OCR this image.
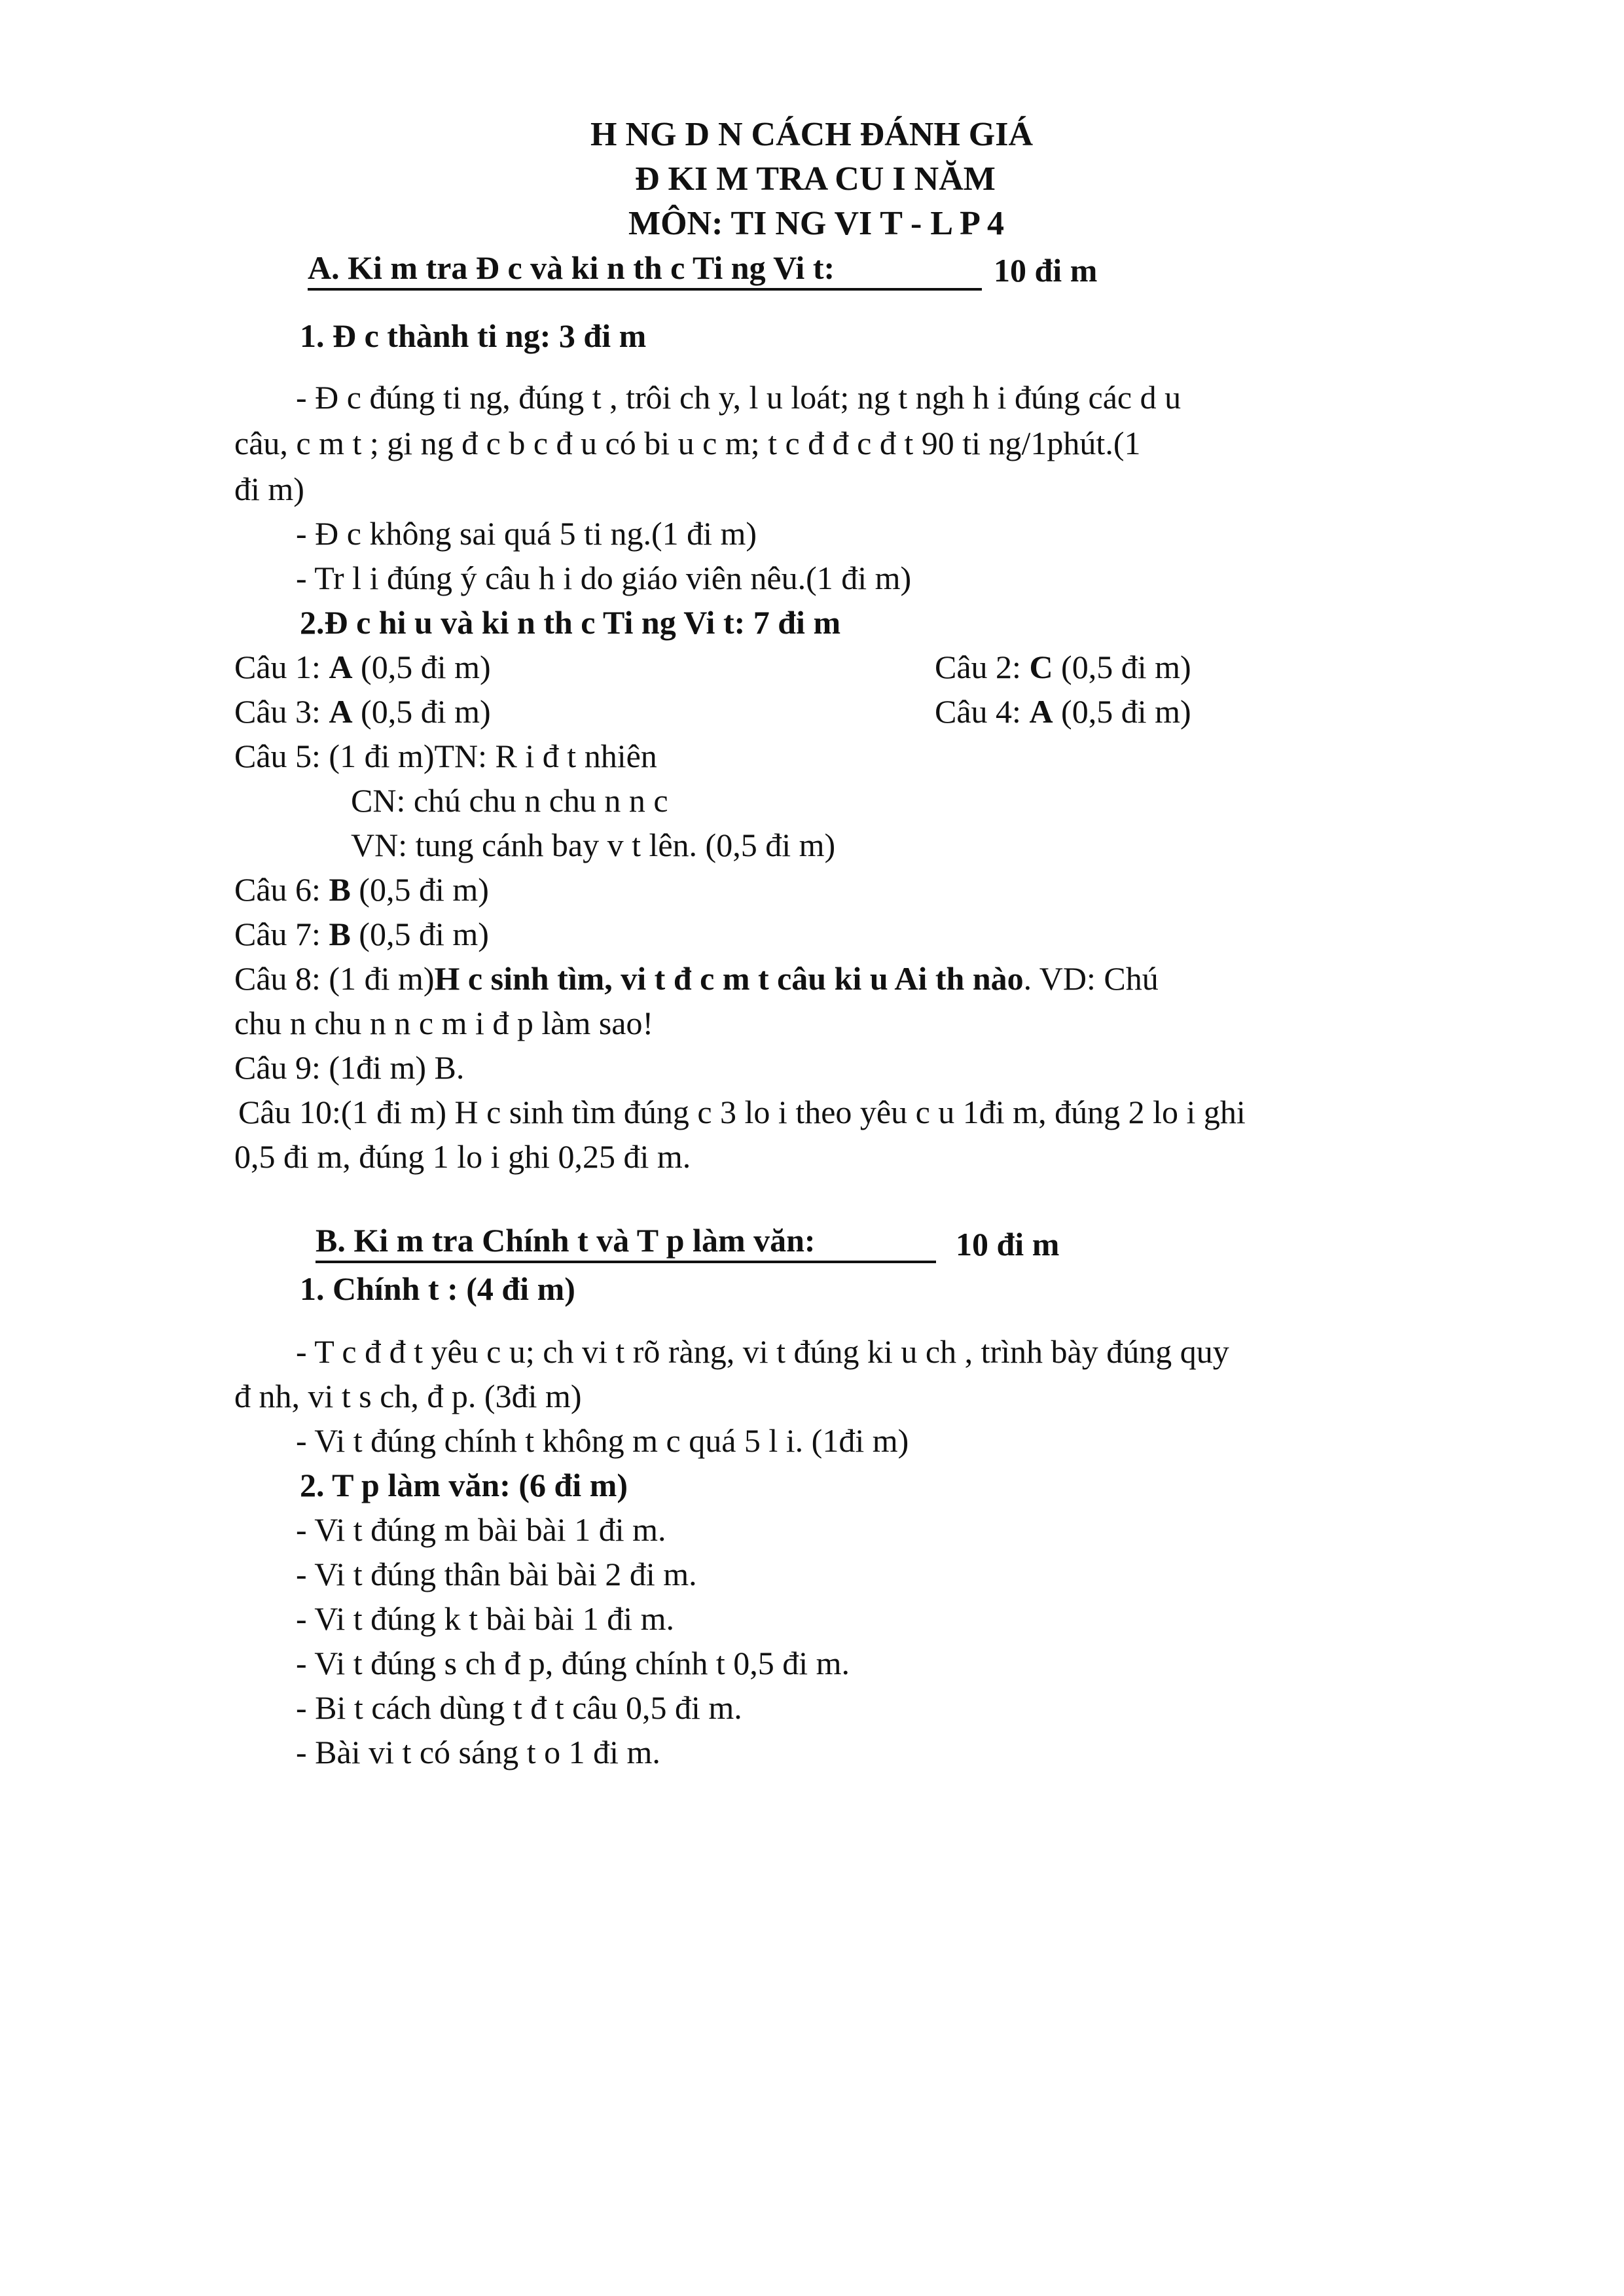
H NG D N CÁCH ĐÁNH GIÁ
Đ KI M TRA CU I NĂM
MÔN: TI NG VI T - L P 4
A. Ki m tra Đ c và ki n th c Ti ng Vi t:	10 đi m
1. Đ c thành ti ng: 3 đi m
- Đ c đúng ti ng, đúng t , trôi ch y, l u loát; ng t ngh h i đúng các d u
câu, c m t ; gi ng đ c b c đ u có bi u c m; t c đ đ c đ t 90 ti ng/1phút.(1
đi m)
- Đ c không sai quá 5 ti ng.(1 đi m)
- Tr l i đúng ý câu h i do giáo viên nêu.(1 đi m)
2.Đ c hi u và ki n th c Ti ng Vi t: 7 đi m
Câu 1: A (0,5 đi m)	Câu 2: C (0,5 đi m)
Câu 3: A (0,5 đi m)	Câu 4: A (0,5 đi m)
Câu 5: (1 đi m)TN: R i đ t nhiên
CN: chú chu n chu n n c
VN: tung cánh bay v t lên. (0,5 đi m)
Câu 6: B (0,5 đi m)
Câu 7: B (0,5 đi m)
Câu 8: (1 đi m)H c sinh tìm, vi t đ c m t câu ki u Ai th nào. VD: Chú
chu n chu n n c m i đ p làm sao!
Câu 9: (1đi m) B.
Câu 10:(1 đi m) H c sinh tìm đúng c 3 lo i theo yêu c u 1đi m, đúng 2 lo i ghi
0,5 đi m, đúng 1 lo i ghi 0,25 đi m.
B. Ki m tra Chính t và T p làm văn:	10 đi m
1. Chính t : (4 đi m)
- T c đ đ t yêu c u; ch vi t rõ ràng, vi t đúng ki u ch , trình bày đúng quy
đ nh, vi t s ch, đ p. (3đi m)
- Vi t đúng chính t không m c quá 5 l i. (1đi m)
2. T p làm văn: (6 đi m)
- Vi t đúng m bài bài 1 đi m.
- Vi t đúng thân bài bài 2 đi m.
- Vi t đúng k t bài bài 1 đi m.
- Vi t đúng s ch đ p, đúng chính t 0,5 đi m.
- Bi t cách dùng t đ t câu 0,5 đi m.
- Bài vi t có sáng t o 1 đi m.
